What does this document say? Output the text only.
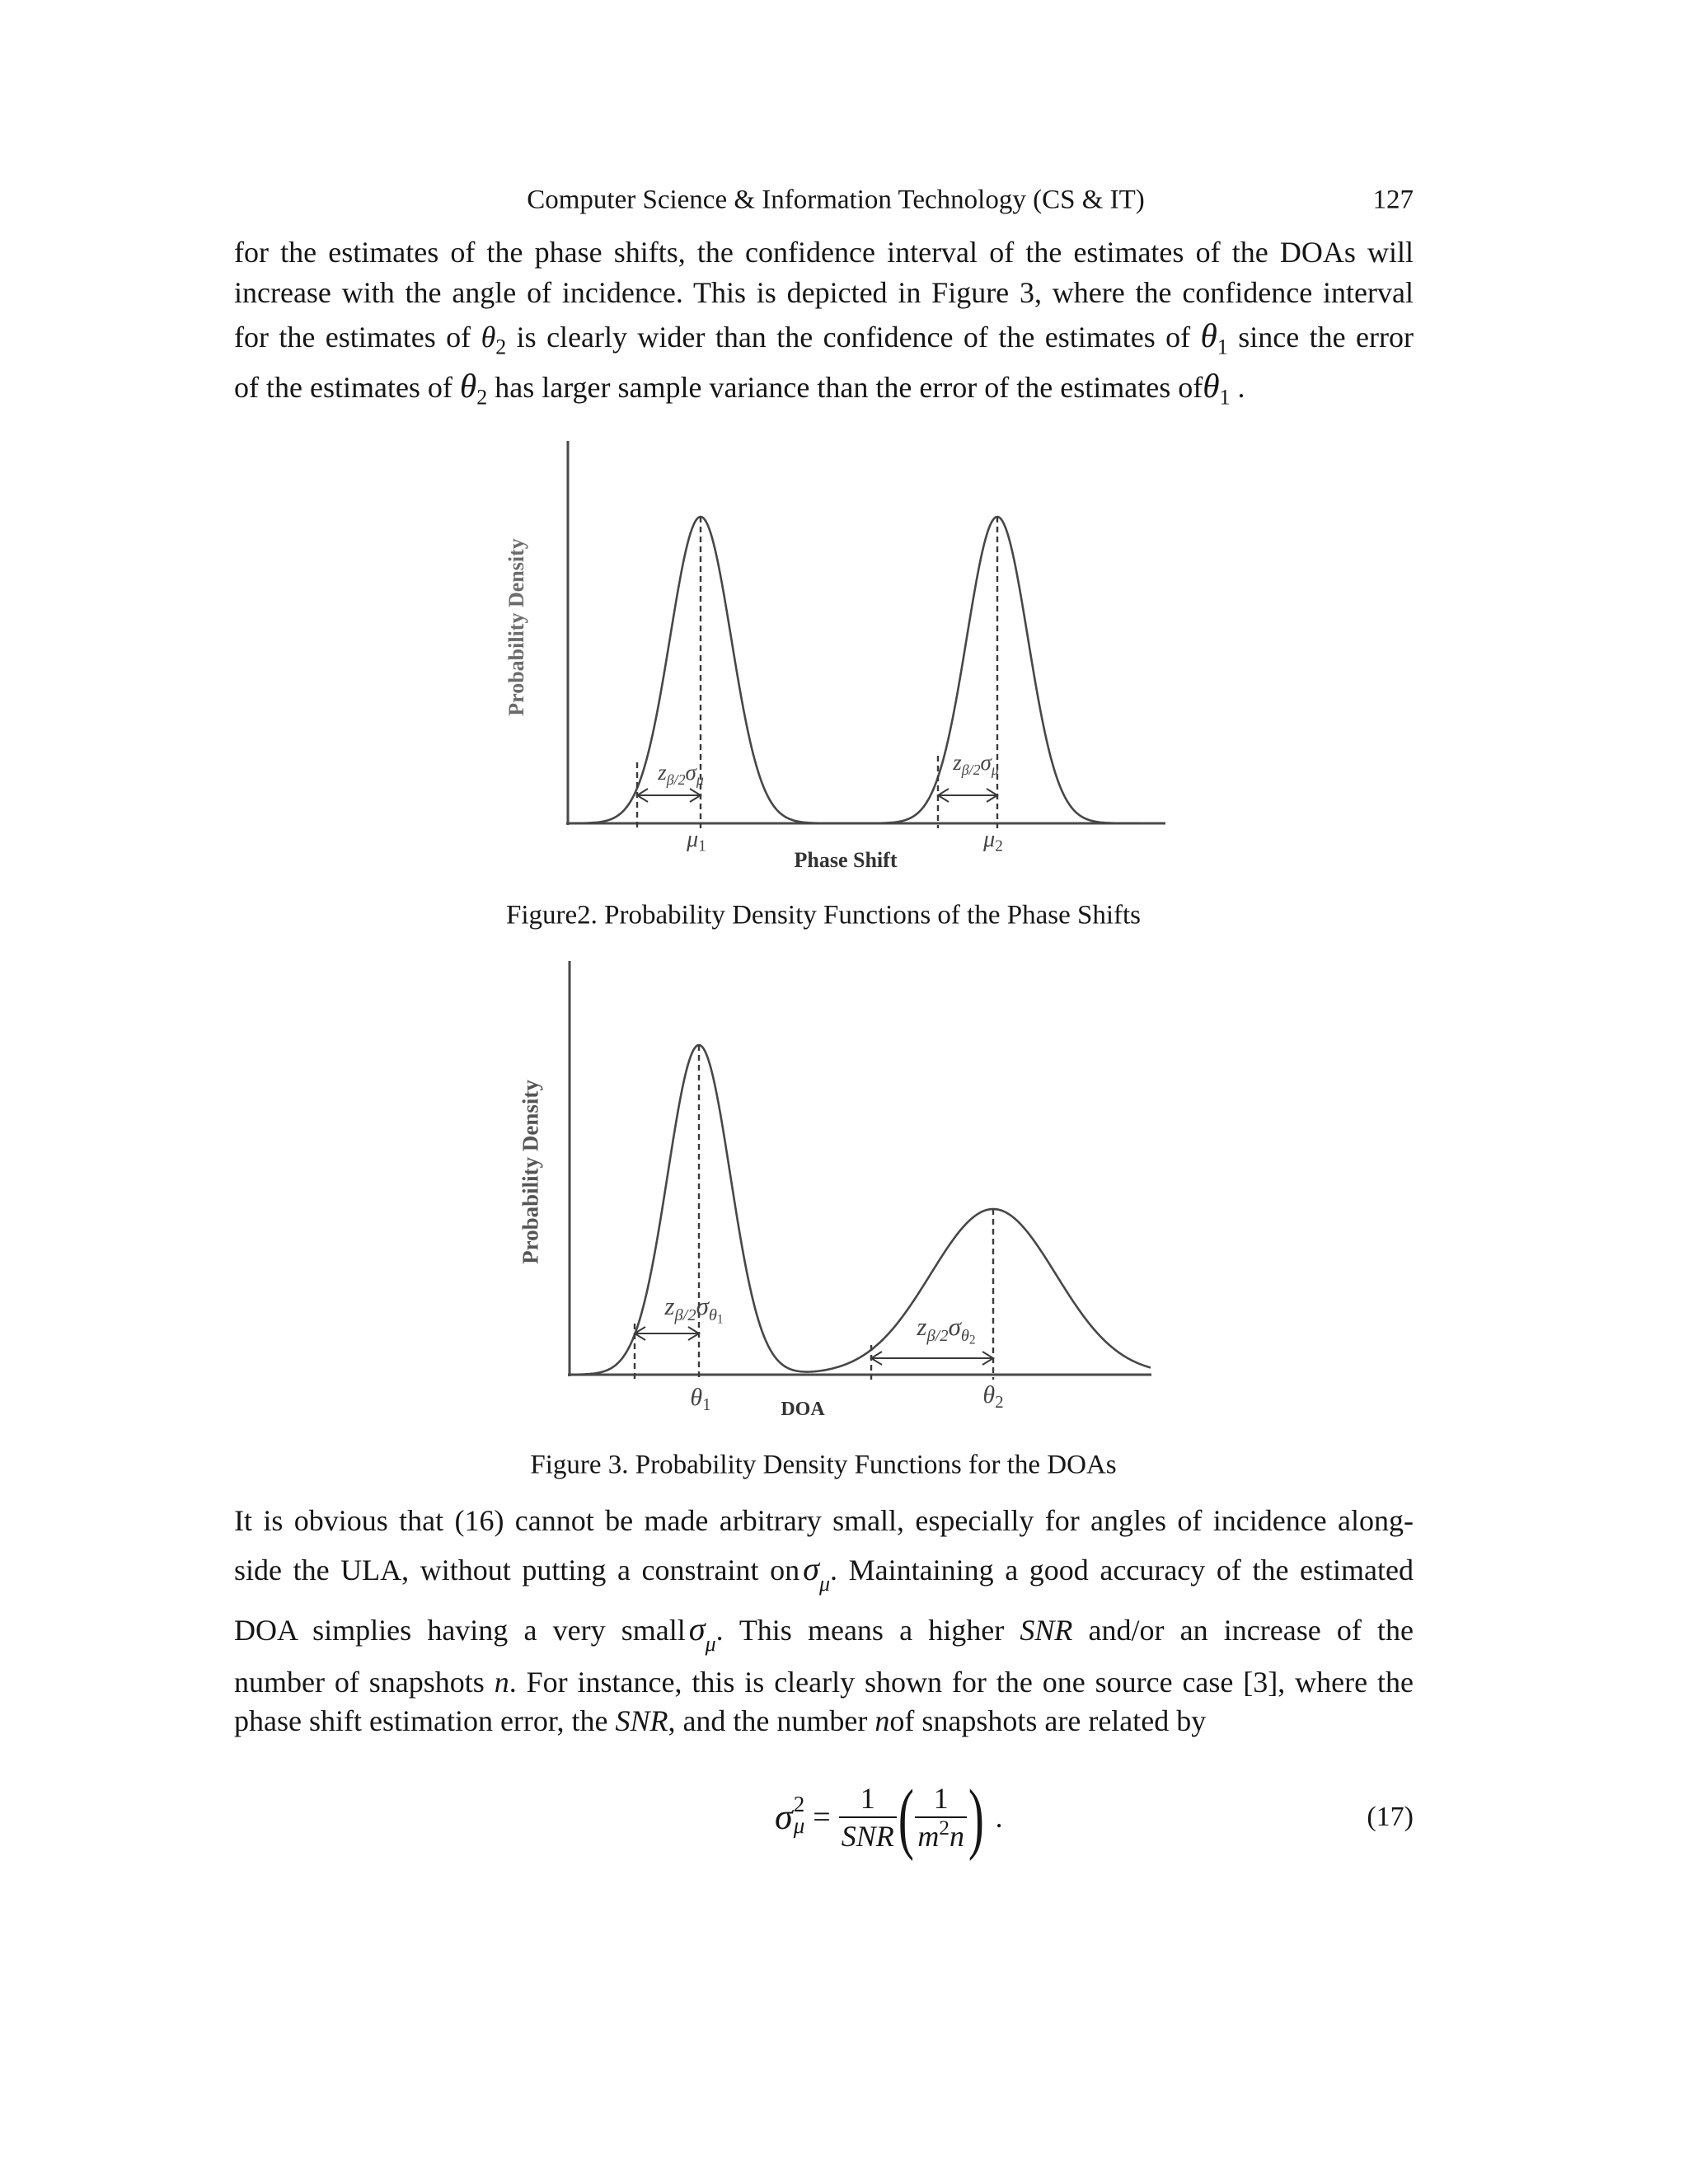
Computer Science & Information Technology (CS & IT)	127
for the estimates of the phase shifts, the confidence interval of the estimates of the DOAs will
increase with the angle of incidence. This is depicted in Figure 3, where the confidence interval
for the estimates of $\theta_2$ is clearly wider than the confidence of the estimates of $\theta_1$ since the error
of the estimates of $\theta_2$ has larger sample variance than the error of the estimates ofθ$_1$ .
Probability Density
$z_{\beta/2}\sigma_\mu$
$z_{\beta/2}\sigma_\mu$
$\mu_1$	$\mu_2$
Phase Shift
Figure2. Probability Density Functions of the Phase Shifts
Probability Density
$z_{\beta/2}\sigma_{\theta 1}$	$z_{\beta/2}\sigma_{\theta 2}$
$\theta_1$	DOA
$\theta_2$
Figure 3. Probability Density Functions for the DOAs
It is obvious that (16) cannot be made arbitrary small, especially for angles of incidence along-
side the ULA, without putting a constraint onσ$_\mu$. Maintaining a good accuracy of the estimated
DOA simplies having a very smallσ$_\mu$. This means a higher SNR and/or an increase of the
number of snapshots n. For instance, this is clearly shown for the one source case [3], where the
phase shift estimation error, the SNR, and the number nof snapshots are related by
σ 2
$\mu = \frac{1}{\text{SNR}}$ ( $\frac{1}{m^2n}$ ) .	(17)
